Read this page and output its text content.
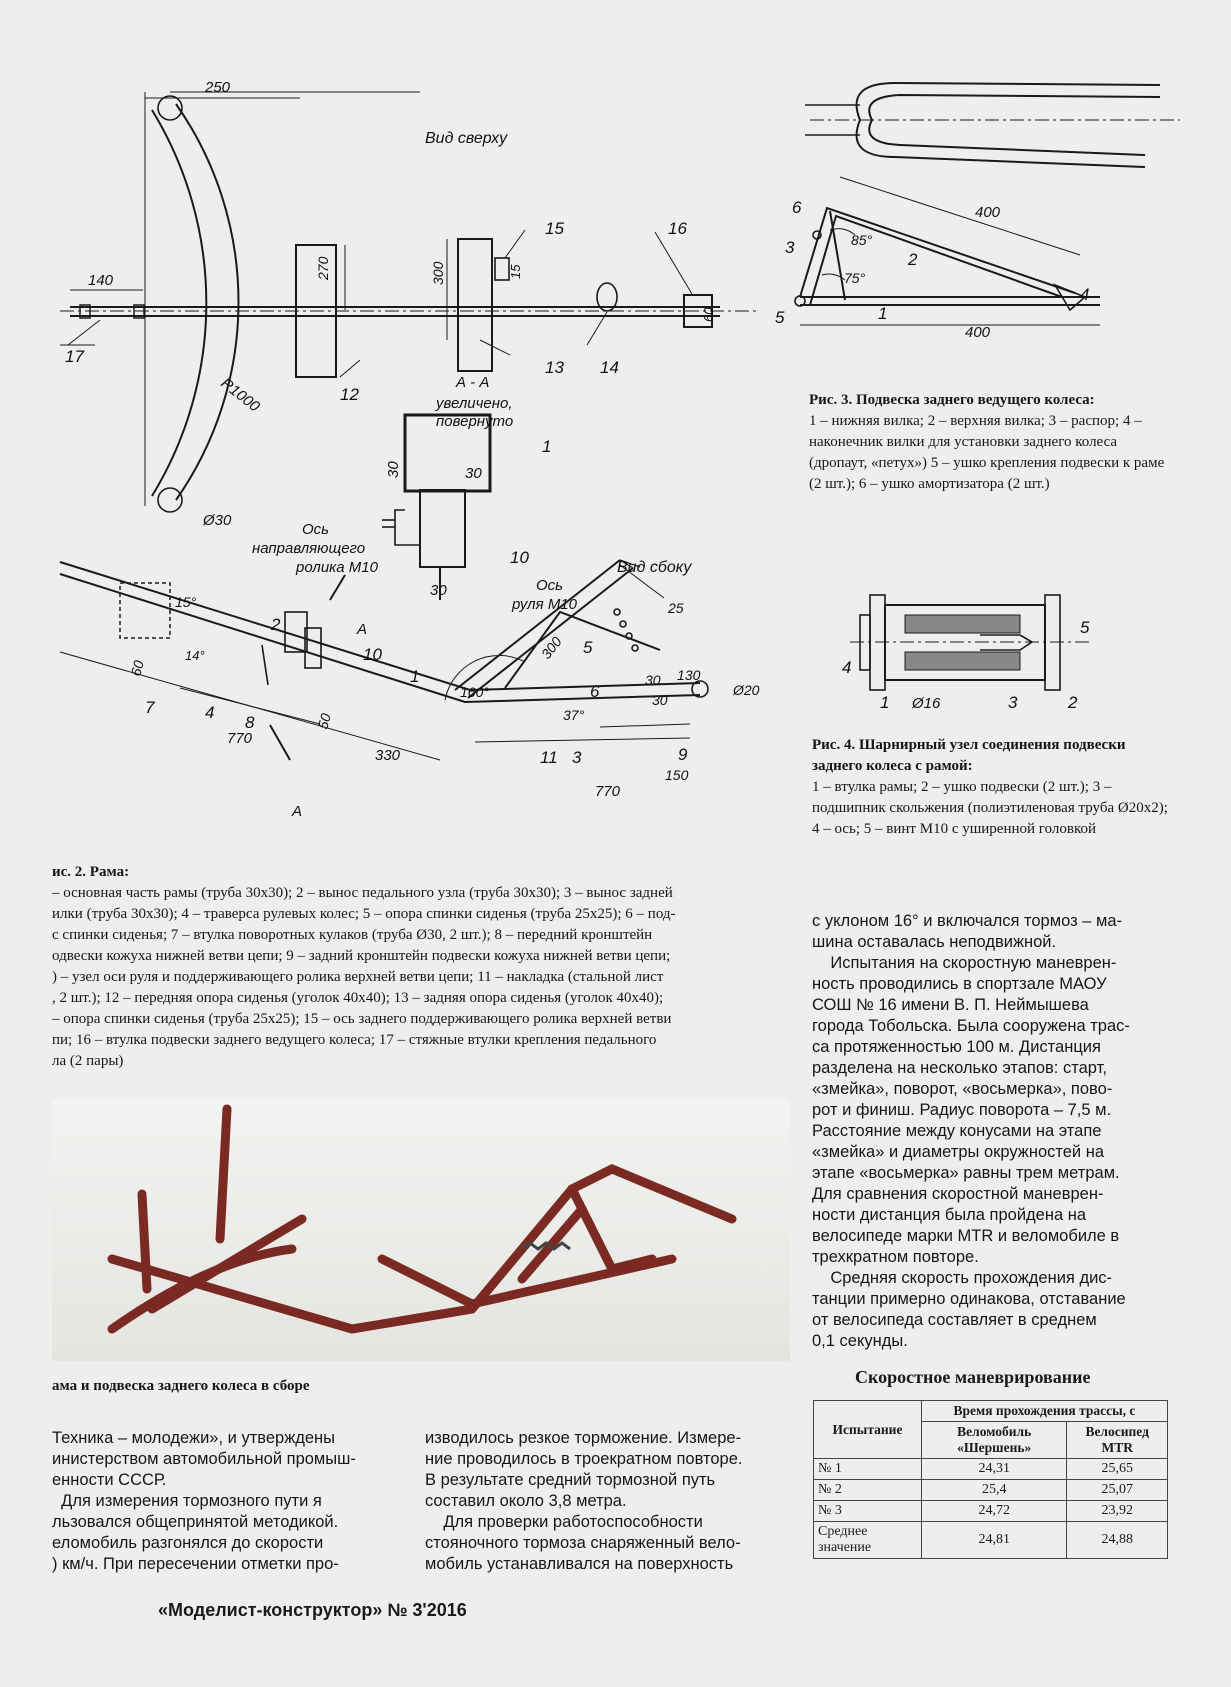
250
140
Вид сверху
270	300	15
60
15	16
17
12
13 14
R1000
Ø30
А - А
увеличено,
повернуто
1
30
30
Ось
направляющего
ролика М10
10
30	Ось
руля М10
Вид сбоку
15°
14°
60
2	А
10
1
7	4
8	50
770
330
А
160°
37°
11 3
300 5
25
6
30
30
130
Ø20
9
150
770
400
400
85°
75°
6
3
2
4
5	1
Рис. 3. Подвеска заднего ведущего колеса:
1 – нижняя вилка; 2 – верхняя вилка; 3 – распор; 4 – наконечник вилки для установки заднего колеса (дропаут, «петух») 5 – ушко крепления подвески к раме (2 шт.); 6 – ушко амортизатора (2 шт.)
4
5
1 Ø16	3	2
Рис. 4. Шарнирный узел соединения подвески заднего колеса с рамой:
1 – втулка рамы; 2 – ушко подвески (2 шт.); 3 – подшипник скольжения (полиэтиленовая труба Ø20х2); 4 – ось; 5 – винт М10 с уширенной головкой
ис. 2. Рама:
– основная часть рамы (труба 30х30); 2 – вынос педального узла (труба 30х30); 3 – вынос задней
илки (труба 30х30); 4 – траверса рулевых колес; 5 – опора спинки сиденья (труба 25х25); 6 – под-
с спинки сиденья; 7 – втулка поворотных кулаков (труба Ø30, 2 шт.); 8 – передний кронштейн
одвески кожуха нижней ветви цепи; 9 – задний кронштейн подвески кожуха нижней ветви цепи;
) – узел оси руля и поддерживающего ролика верхней ветви цепи; 11 – накладка (стальной лист
, 2 шт.); 12 – передняя опора сиденья (уголок 40х40); 13 – задняя опора сиденья (уголок 40х40);
– опора спинки сиденья (труба 25х25); 15 – ось заднего поддерживающего ролика верхней ветви
пи; 16 – втулка подвески заднего ведущего колеса; 17 – стяжные втулки крепления педального
ла (2 пары)
с уклоном 16° и включался тормоз – ма-
шина оставалась неподвижной.
Испытания на скоростную маневрен-
ность проводились в спортзале МАОУ
СОШ № 16 имени В. П. Неймышева
города Тобольска. Была сооружена трас-
са протяженностью 100 м. Дистанция
разделена на несколько этапов: старт,
«змейка», поворот, «восьмерка», пово-
рот и финиш. Радиус поворота – 7,5 м.
Расстояние между конусами на этапе
«змейка» и диаметры окружностей на
этапе «восьмерка» равны трем метрам.
Для сравнения скоростной маневрен-
ности дистанция была пройдена на
велосипеде марки MTR и веломобиле в
трехкратном повторе.
Средняя скорость прохождения дис-
танции примерно одинакова, отставание
от велосипеда составляет в среднем
0,1 секунды.
ама и подвеска заднего колеса в сборе
Техника – молодежи», и утверждены
инистерством автомобильной промыш-
енности СССР.
Для измерения тормозного пути я
льзовался общепринятой методикой.
еломобиль разгонялся до скорости
) км/ч. При пересечении отметки про-
изводилось резкое торможение. Измере-
ние проводилось в троекратном повторе.
В результате средний тормозной путь
составил около 3,8 метра.
Для проверки работоспособности
стояночного тормоза снаряженный вело-
мобиль устанавливался на поверхность
Скоростное маневрирование
Испытание	Время прохождения трассы, с	
	Веломобиль «Шершень»	Велосипед MTR
№ 1	24,31	25,65
№ 2	25,4	25,07
№ 3	24,72	23,92
Среднее значение	24,81	24,88
«Моделист-конструктор» № 3'2016
